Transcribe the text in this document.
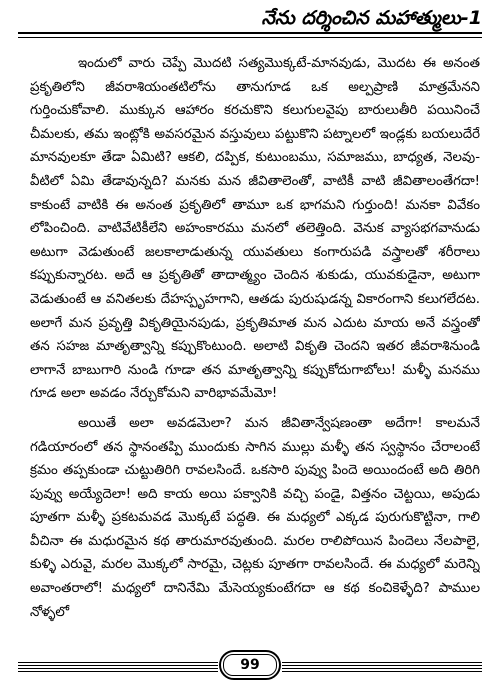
నేను దర్శించిన మహాత్ములు-1

ఇందులో వారు చెప్పే మొదటి సత్యమొక్కటే-మానవుడు, మొదట ఈ అనంత ప్రకృతిలోని జీవరాశియంతటిలోను తానుగూడ ఒక అల్పప్రాణి మాత్రమేనని గుర్తించుకోవాలి. ముక్కున ఆహారం కరచుకొని కలుగులవైపు బారులుతీరి పయినించే చీమలకు, తమ ఇంట్లోకి అవసరమైన వస్తువులు పట్టుకొని పట్నాలలో ఇండ్లకు బయలుదేరే మానవులకూ తేడా ఏమిటి? ఆకలి, దప్పిక, కుటుంబము, సమాజము, బాధ్యత, నెలవు-వీటిలో ఏమి తేడావున్నది? మనకు మన జీవితాలెంతో, వాటికీ వాటి జీవితాలంతేగదా! కాకుంటే వాటికి ఈ అనంత ప్రకృతిలో తామూ ఒక భాగమని గుర్తుంది! మనకా వివేకం లోపించింది. వాటివేటికీలేని అహంకారము మనలో తలెత్తింది. వెనుక వ్యాసభగవానుడు అటుగా వెడుతుంటే జలకాలాడుతున్న యువతులు కంగారుపడి వస్త్రాలతో శరీరాలు కప్పుకున్నారట. అదే ఆ ప్రకృతితో తాదాత్మ్యం చెందిన శుకుడు, యువకుడైనా, అటుగా వెడుతుంటే ఆ వనితలకు దేహస్పృహగాని, ఆతడు పురుషుడన్న వికారంగాని కలుగలేదట. అలాగే మన ప్రవృత్తి వికృతియైనపుడు, ప్రకృతిమాత మన ఎదుట మాయ అనే వస్త్రంతో తన సహజ మాతృత్వాన్ని కప్పుకొంటుంది. అలాటి వికృతి చెందని ఇతర జీవరాశినుండి లాగానే బాబుగారి నుండి గూడా తన మాతృత్వాన్ని కప్పుకోదుగాబోలు! మళ్ళీ మనము గూడ అలా అవడం నేర్చుకోమని వారిభావమేమో!

అయితే అలా అవడమెలా? మన జీవితాన్వేషణంతా అదేగా! కాలమనే గడియారంలో తన స్థానంతప్పి ముందుకు సాగిన ముల్లు మళ్ళీ తన స్వస్థానం చేరాలంటే క్రమం తప్పకుండా చుట్టుతిరిగి రావలసిందే. ఒకసారి పువ్వు పిందె అయిందంటే అది తిరిగి పువ్వు అయ్యేదెలా! అది కాయ అయి పక్వానికి వచ్చి పండై, విత్తనం చెట్టయి, అపుడు పూతగా మళ్ళీ ప్రకటమవడ మొక్కటే పద్ధతి. ఈ మధ్యలో ఎక్కడ పురుగుకొట్టినా, గాలి వీచినా ఈ మధురమైన కథ తారుమారవుతుంది. మరల రాలిపోయిన పిందెలు నేలపాలై, కుళ్ళి ఎరువై, మరల మొక్కలో సారమై, చెట్లకు పూతగా రావలసిందే. ఈ మధ్యలో మరెన్ని అవాంతరాలో! మధ్యలో దానినేమి మేసెయ్యకుంటేగదా ఆ కథ కంచికెళ్ళేది? పాముల నోళ్ళలో

99
